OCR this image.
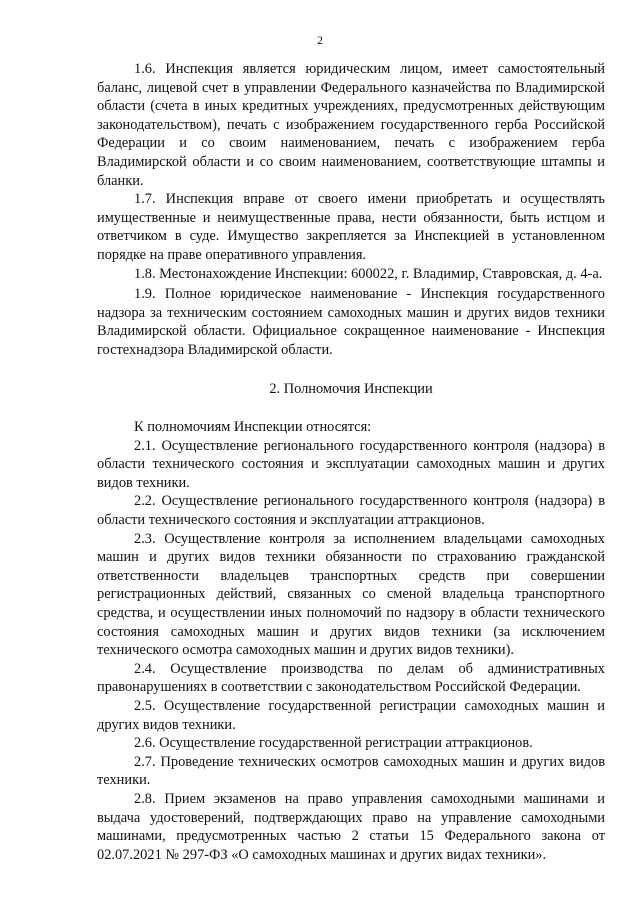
2

1.6. Инспекция является юридическим лицом, имеет самостоятельный баланс, лицевой счет в управлении Федерального казначейства по Владимирской области (счета в иных кредитных учреждениях, предусмотренных действующим законодательством), печать с изображением государственного герба Российской Федерации и со своим наименованием, печать с изображением герба Владимирской области и со своим наименованием, соответствующие штампы и бланки.

1.7. Инспекция вправе от своего имени приобретать и осуществлять имущественные и неимущественные права, нести обязанности, быть истцом и ответчиком в суде. Имущество закрепляется за Инспекцией в установленном порядке на праве оперативного управления.

1.8. Местонахождение Инспекции: 600022, г. Владимир, Ставровская, д. 4-а.

1.9. Полное юридическое наименование - Инспекция государственного надзора за техническим состоянием самоходных машин и других видов техники Владимирской области. Официальное сокращенное наименование - Инспекция гостехнадзора Владимирской области.

2. Полномочия Инспекции

К полномочиям Инспекции относятся:

2.1. Осуществление регионального государственного контроля (надзора) в области технического состояния и эксплуатации самоходных машин и других видов техники.

2.2. Осуществление регионального государственного контроля (надзора) в области технического состояния и эксплуатации аттракционов.

2.3. Осуществление контроля за исполнением владельцами самоходных машин и других видов техники обязанности по страхованию гражданской ответственности владельцев транспортных средств при совершении регистрационных действий, связанных со сменой владельца транспортного средства, и осуществлении иных полномочий по надзору в области технического состояния самоходных машин и других видов техники (за исключением технического осмотра самоходных машин и других видов техники).

2.4. Осуществление производства по делам об административных правонарушениях в соответствии с законодательством Российской Федерации.

2.5. Осуществление государственной регистрации самоходных машин и других видов техники.

2.6. Осуществление государственной регистрации аттракционов.

2.7. Проведение технических осмотров самоходных машин и других видов техники.

2.8. Прием экзаменов на право управления самоходными машинами и выдача удостоверений, подтверждающих право на управление самоходными машинами, предусмотренных частью 2 статьи 15 Федерального закона от 02.07.2021 № 297-ФЗ «О самоходных машинах и других видах техники».
